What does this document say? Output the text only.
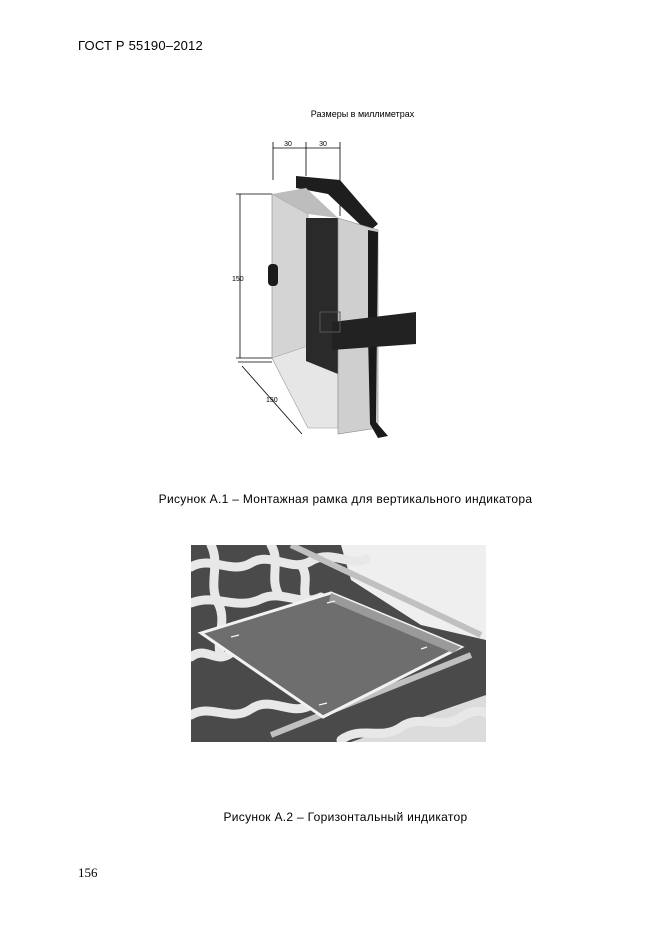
ГОСТ Р 55190–2012
Размеры в миллиметрах
30	30
150
150
Рисунок А.1 – Монтажная рамка для вертикального индикатора
Рисунок А.2 – Горизонтальный индикатор
156
